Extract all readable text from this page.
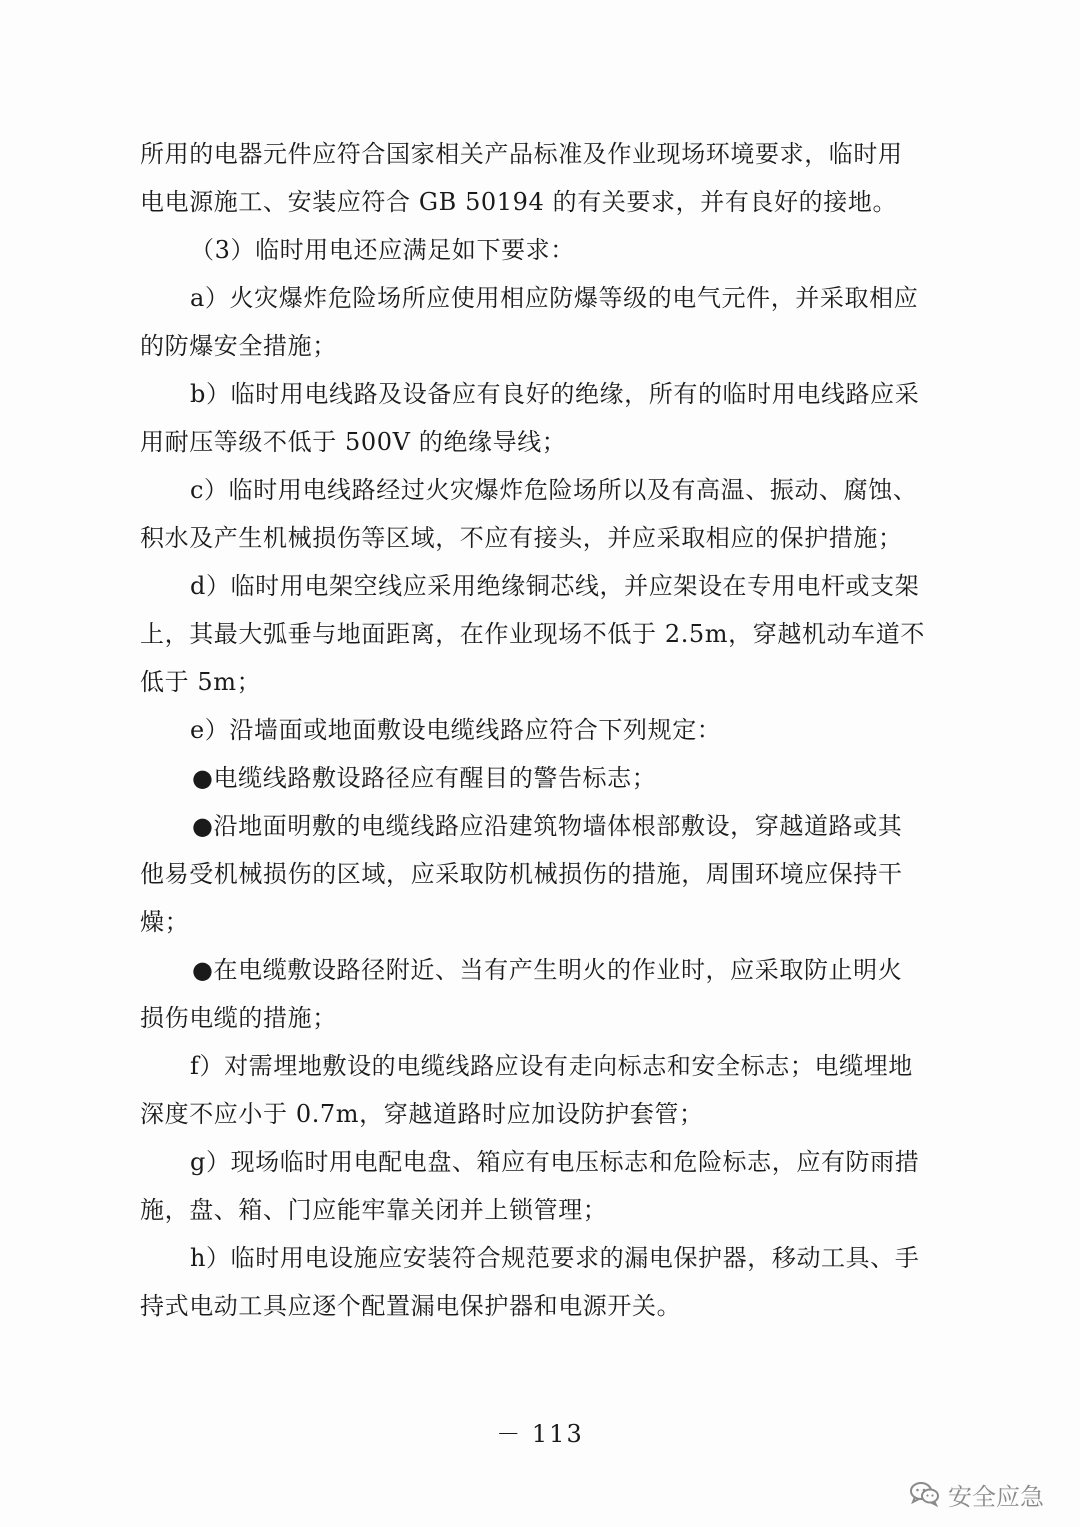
所用的电器元件应符合国家相关产品标准及作业现场环境要求，临时用
电电源施工、安装应符合 GB 50194 的有关要求，并有良好的接地。
（3）临时用电还应满足如下要求：
a）火灾爆炸危险场所应使用相应防爆等级的电气元件，并采取相应
的防爆安全措施；
b）临时用电线路及设备应有良好的绝缘，所有的临时用电线路应采
用耐压等级不低于 500V 的绝缘导线；
c）临时用电线路经过火灾爆炸危险场所以及有高温、振动、腐蚀、
积水及产生机械损伤等区域，不应有接头，并应采取相应的保护措施；
d）临时用电架空线应采用绝缘铜芯线，并应架设在专用电杆或支架
上，其最大弧垂与地面距离，在作业现场不低于 2.5m，穿越机动车道不
低于 5m；
e）沿墙面或地面敷设电缆线路应符合下列规定：
●电缆线路敷设路径应有醒目的警告标志；
●沿地面明敷的电缆线路应沿建筑物墙体根部敷设，穿越道路或其
他易受机械损伤的区域，应采取防机械损伤的措施，周围环境应保持干
燥；
●在电缆敷设路径附近、当有产生明火的作业时，应采取防止明火
损伤电缆的措施；
f）对需埋地敷设的电缆线路应设有走向标志和安全标志；电缆埋地
深度不应小于 0.7m，穿越道路时应加设防护套管；
g）现场临时用电配电盘、箱应有电压标志和危险标志，应有防雨措
施，盘、箱、门应能牢靠关闭并上锁管理；
h）临时用电设施应安装符合规范要求的漏电保护器，移动工具、手
持式电动工具应逐个配置漏电保护器和电源开关。
－ 113
安全应急
